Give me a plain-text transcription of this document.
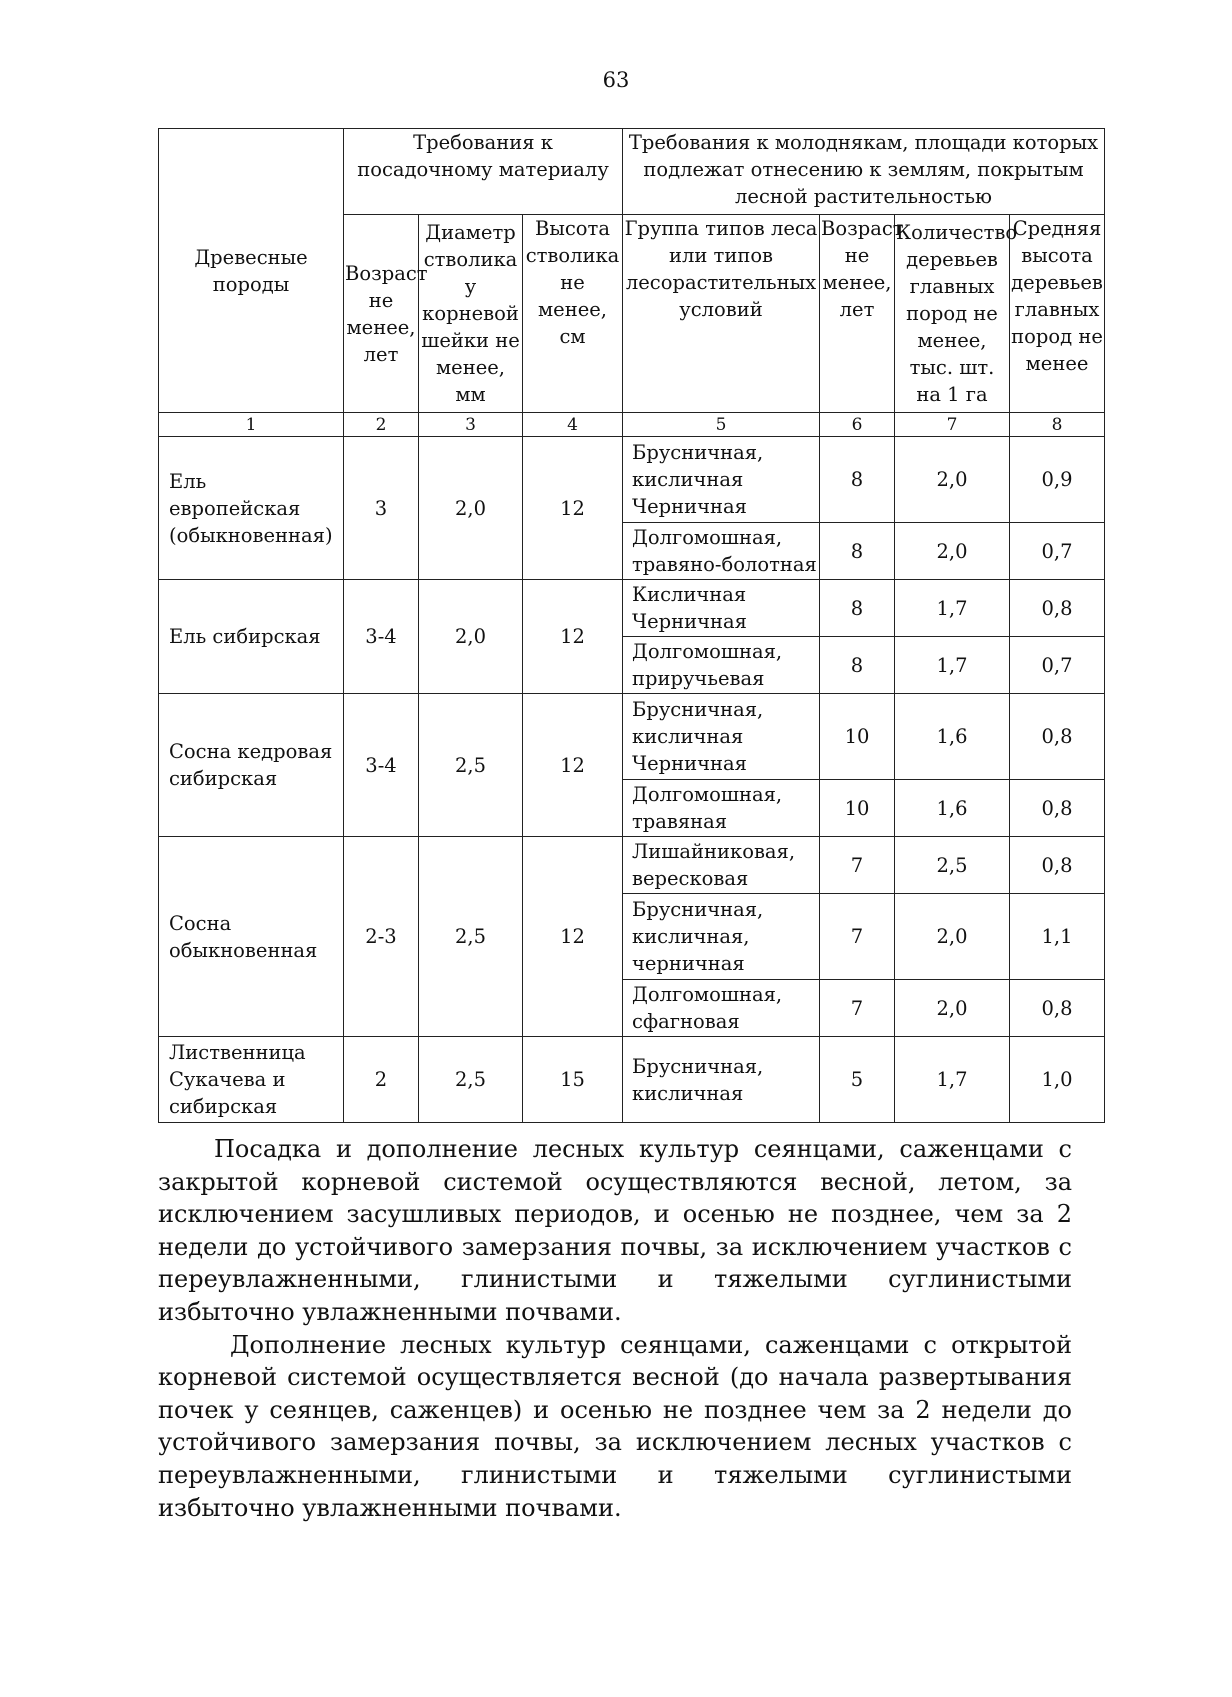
63
Древесные породы	Требования к посадочному материалу			Требования к молоднякам, площади которых подлежат отнесению к землям, покрытым лесной растительностью			
	Возраст не менее, лет	Диаметр стволика у корневой шейки не менее, мм	Высота стволика не менее, см	Группа типов леса или типов лесорастительных условий	Возраст не менее, лет	Количество деревьев главных пород не менее, тыс. шт. на 1 га	Средняя высота деревьев главных пород не менее
1	2	3	4	5	6	7	8
Ель европейская (обыкновенная)	3	2,0	12	Брусничная, кисличная Черничная	8	2,0	0,9
				Долгомошная, травяно-болотная	8	2,0	0,7
Ель сибирская	3-4	2,0	12	Кисличная Черничная	8	1,7	0,8
				Долгомошная, приручьевая	8	1,7	0,7
Сосна кедровая сибирская	3-4	2,5	12	Брусничная, кисличная Черничная	10	1,6	0,8
				Долгомошная, травяная	10	1,6	0,8
Сосна обыкновенная	2-3	2,5	12	Лишайниковая, вересковая	7	2,5	0,8
				Брусничная, кисличная, черничная	7	2,0	1,1
				Долгомошная, сфагновая	7	2,0	0,8
Лиственница Сукачева и сибирская	2	2,5	15	Брусничная, кисличная	5	1,7	1,0

Посадка и дополнение лесных культур сеянцами, саженцами с закрытой корневой системой осуществляются весной, летом, за исключением засушливых периодов, и осенью не позднее, чем за 2 недели до устойчивого замерзания почвы, за исключением участков с переувлажненными, глинистыми и тяжелыми суглинистыми избыточно увлажненными почвами.

Дополнение лесных культур сеянцами, саженцами с открытой корневой системой осуществляется весной (до начала развертывания почек у сеянцев, саженцев) и осенью не позднее чем за 2 недели до устойчивого замерзания почвы, за исключением лесных участков с переувлажненными, глинистыми и тяжелыми суглинистыми избыточно увлажненными почвами.
